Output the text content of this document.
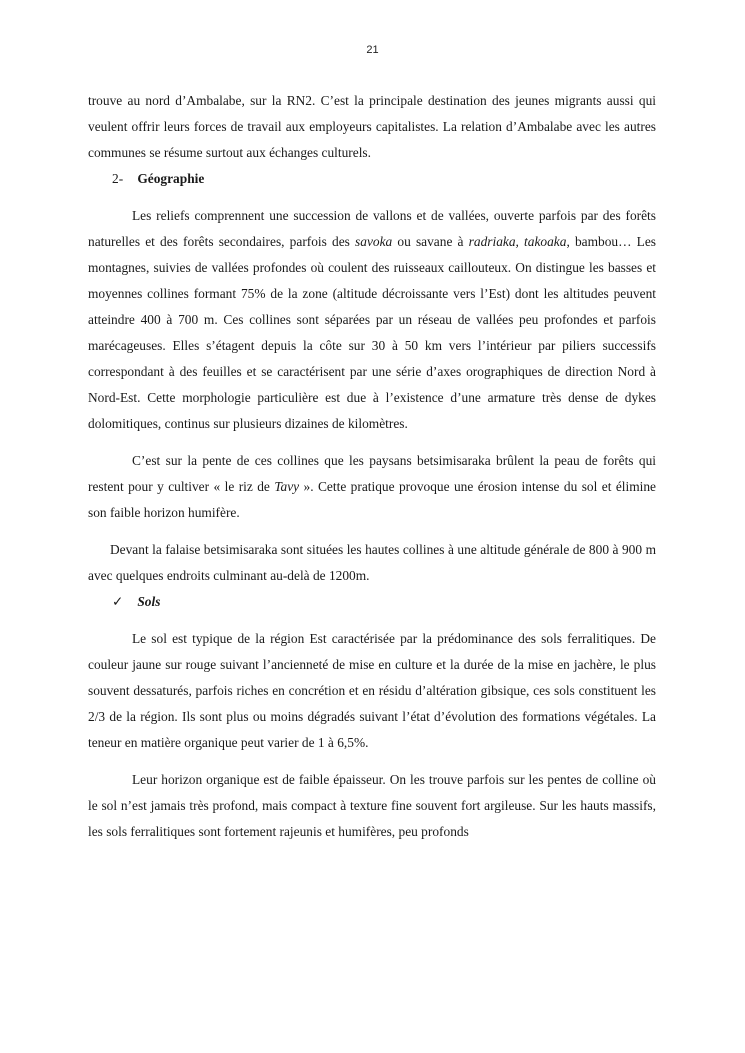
21

trouve au nord d’Ambalabe, sur la RN2. C’est la principale destination des jeunes migrants aussi qui veulent offrir leurs forces de travail aux employeurs capitalistes. La relation d’Ambalabe avec les autres communes se résume surtout aux échanges culturels.

2- Géographie

Les reliefs comprennent une succession de vallons et de vallées, ouverte parfois par des forêts naturelles et des forêts secondaires, parfois des savoka ou savane à radriaka, takoaka, bambou… Les montagnes, suivies de vallées profondes où coulent des ruisseaux caillouteux. On distingue les basses et moyennes collines formant 75% de la zone (altitude décroissante vers l’Est) dont les altitudes peuvent atteindre 400 à 700 m. Ces collines sont séparées par un réseau de vallées peu profondes et parfois marécageuses. Elles s’étagent depuis la côte sur 30 à 50 km vers l’intérieur par piliers successifs correspondant à des feuilles et se caractérisent par une série d’axes orographiques de direction Nord à Nord-Est. Cette morphologie particulière est due à l’existence d’une armature très dense de dykes dolomitiques, continus sur plusieurs dizaines de kilomètres.

C’est sur la pente de ces collines que les paysans betsimisaraka brûlent la peau de forêts qui restent pour y cultiver « le riz de Tavy ». Cette pratique provoque une érosion intense du sol et élimine son faible horizon humifère.

Devant la falaise betsimisaraka sont situées les hautes collines à une altitude générale de 800 à 900 m avec quelques endroits culminant au-delà de 1200m.

✓ Sols

Le sol est typique de la région Est caractérisée par la prédominance des sols ferralitiques. De couleur jaune sur rouge suivant l’ancienneté de mise en culture et la durée de la mise en jachère, le plus souvent dessaturés, parfois riches en concrétion et en résidu d’altération gibsique, ces sols constituent les 2/3 de la région. Ils sont plus ou moins dégradés suivant l’état d’évolution des formations végétales. La teneur en matière organique peut varier de 1 à 6,5%.

Leur horizon organique est de faible épaisseur. On les trouve parfois sur les pentes de colline où le sol n’est jamais très profond, mais compact à texture fine souvent fort argileuse. Sur les hauts massifs, les sols ferralitiques sont fortement rajeunis et humifères, peu profonds
